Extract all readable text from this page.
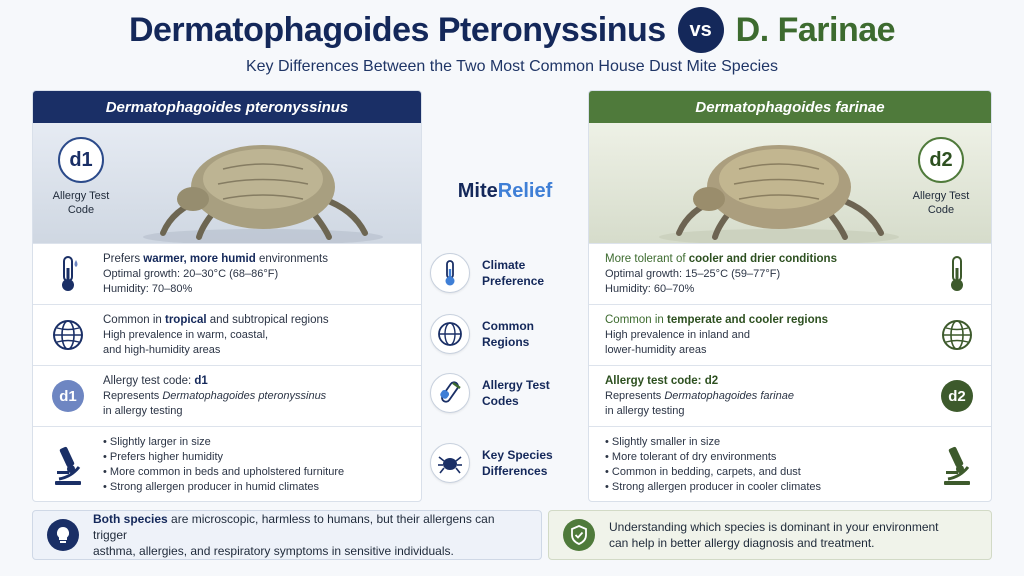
Dermatophagoides Pteronyssinus	vs D. Farinae
Key Differences Between the Two Most Common House Dust Mite Species
Dermatophagoides pteronyssinus
d1
Allergy Test
Code
Prefers warmer, more humid environments
Optimal growth: 20–30°C (68–86°F)
Humidity: 70–80%
Common in tropical and subtropical regions
High prevalence in warm, coastal,
and high-humidity areas
d1
Allergy test code: d1
Represents Dermatophagoides pteronyssinus
in allergy testing
• Slightly larger in size
• Prefers higher humidity
• More common in beds and upholstered furniture
• Strong allergen producer in humid climates
MiteRelief
Climate
Preference
Common
Regions
Allergy Test
Codes
Key Species
Differences
Dermatophagoides farinae
d2
Allergy Test
Code
More tolerant of cooler and drier conditions
Optimal growth: 15–25°C (59–77°F)
Humidity: 60–70%
Common in temperate and cooler regions
High prevalence in inland and
lower-humidity areas
Allergy test code: d2
Represents Dermatophagoides farinae
in allergy testing
d2
• Slightly smaller in size
• More tolerant of dry environments
• Common in bedding, carpets, and dust
• Strong allergen producer in cooler climates
Both species are microscopic, harmless to humans, but their allergens can trigger
asthma, allergies, and respiratory symptoms in sensitive individuals.
Understanding which species is dominant in your environment
can help in better allergy diagnosis and treatment.
